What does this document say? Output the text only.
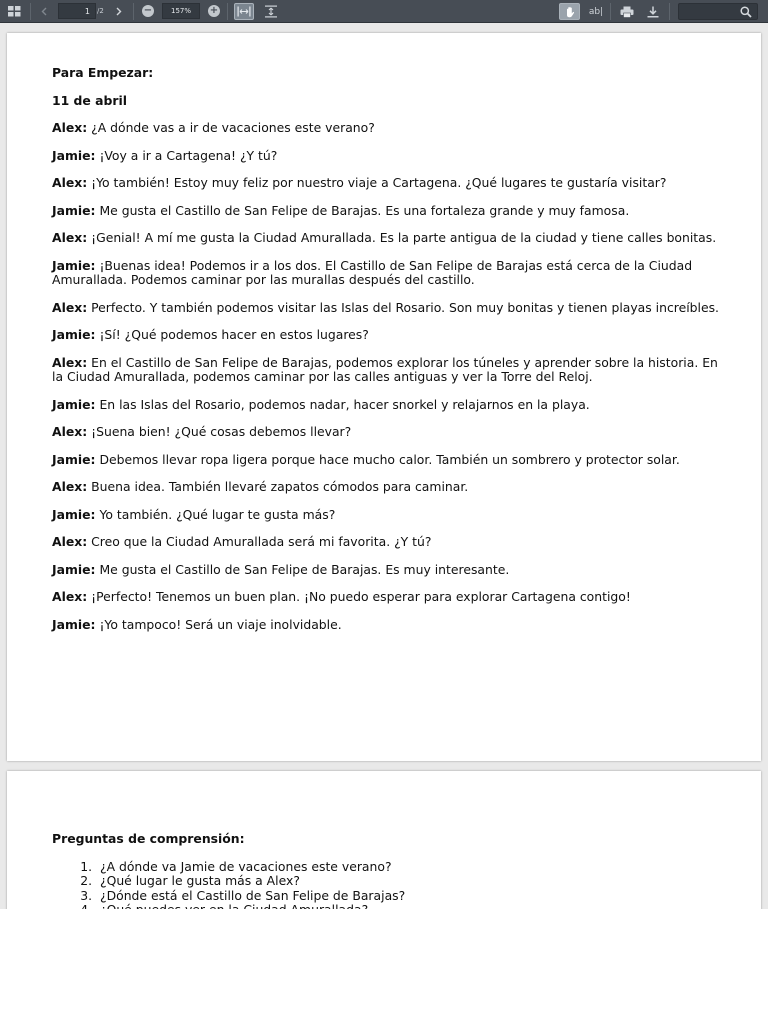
1	/2	−	157%	+	ab|

Para Empezar:

11 de abril

Alex: ¿A dónde vas a ir de vacaciones este verano?

Jamie: ¡Voy a ir a Cartagena! ¿Y tú?

Alex: ¡Yo también! Estoy muy feliz por nuestro viaje a Cartagena. ¿Qué lugares te gustaría visitar?

Jamie: Me gusta el Castillo de San Felipe de Barajas. Es una fortaleza grande y muy famosa.

Alex: ¡Genial! A mí me gusta la Ciudad Amurallada. Es la parte antigua de la ciudad y tiene calles bonitas.

Jamie: ¡Buenas idea! Podemos ir a los dos. El Castillo de San Felipe de Barajas está cerca de la Ciudad Amurallada. Podemos caminar por las murallas después del castillo.

Alex: Perfecto. Y también podemos visitar las Islas del Rosario. Son muy bonitas y tienen playas increíbles.

Jamie: ¡Sí! ¿Qué podemos hacer en estos lugares?

Alex: En el Castillo de San Felipe de Barajas, podemos explorar los túneles y aprender sobre la historia. En la Ciudad Amurallada, podemos caminar por las calles antiguas y ver la Torre del Reloj.

Jamie: En las Islas del Rosario, podemos nadar, hacer snorkel y relajarnos en la playa.

Alex: ¡Suena bien! ¿Qué cosas debemos llevar?

Jamie: Debemos llevar ropa ligera porque hace mucho calor. También un sombrero y protector solar.

Alex: Buena idea. También llevaré zapatos cómodos para caminar.

Jamie: Yo también. ¿Qué lugar te gusta más?

Alex: Creo que la Ciudad Amurallada será mi favorita. ¿Y tú?

Jamie: Me gusta el Castillo de San Felipe de Barajas. Es muy interesante.

Alex: ¡Perfecto! Tenemos un buen plan. ¡No puedo esperar para explorar Cartagena contigo!

Jamie: ¡Yo tampoco! Será un viaje inolvidable.

Preguntas de comprensión:

1. ¿A dónde va Jamie de vacaciones este verano?
2. ¿Qué lugar le gusta más a Alex?
3. ¿Dónde está el Castillo de San Felipe de Barajas?
4.
